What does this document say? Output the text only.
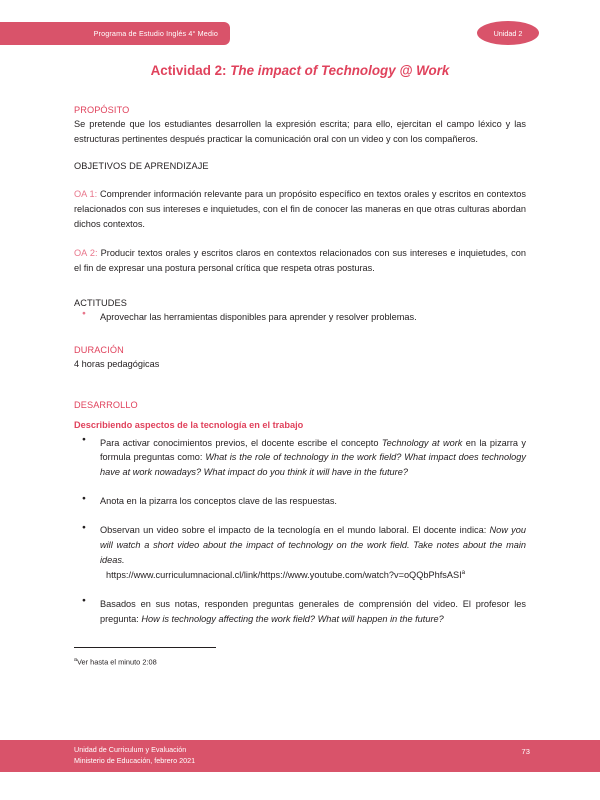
Programa de Estudio Inglés 4° Medio	Unidad 2
Actividad 2: The impact of Technology @ Work
PROPÓSITO

Se pretende que los estudiantes desarrollen la expresión escrita; para ello, ejercitan el campo léxico y las estructuras pertinentes después practicar la comunicación oral con un video y con los compañeros.

OBJETIVOS DE APRENDIZAJE

OA 1: Comprender información relevante para un propósito específico en textos orales y escritos en contextos relacionados con sus intereses e inquietudes, con el fin de conocer las maneras en que otras culturas abordan dichos contextos.

OA 2: Producir textos orales y escritos claros en contextos relacionados con sus intereses e inquietudes, con el fin de expresar una postura personal crítica que respeta otras posturas.

ACTITUDES
● Aprovechar las herramientas disponibles para aprender y resolver problemas.
DURACIÓN

4 horas pedagógicas

DESARROLLO
Describiendo aspectos de la tecnología en el trabajo
● Para activar conocimientos previos, el docente escribe el concepto Technology at work en la pizarra y formula preguntas como: What is the role of technology in the work field? What impact does technology have at work nowadays? What impact do you think it will have in the future?
● Anota en la pizarra los conceptos clave de las respuestas.
● Observan un video sobre el impacto de la tecnología en el mundo laboral. El docente indica: Now you will watch a short video about the impact of technology on the work field. Take notes about the main ideas.
https://www.curriculumnacional.cl/link/https://www.youtube.com/watch?v=oQQbPhfsASI$^a$
● Basados en sus notas, responden preguntas generales de comprensión del video. El profesor les pregunta: How is technology affecting the work field? What will happen in the future?

$^a$Ver hasta el minuto 2:08

Unidad de Curriculum y Evaluación
Ministerio de Educación, febrero 2021
73
